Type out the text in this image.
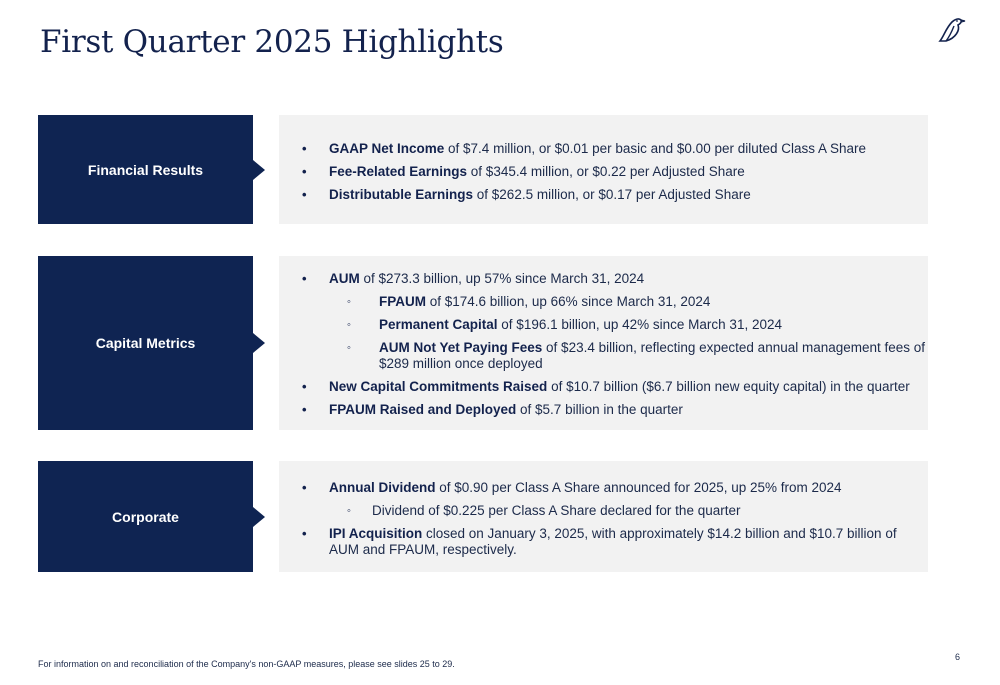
First Quarter 2025 Highlights
Financial Results
• GAAP Net Income of $7.4 million, or $0.01 per basic and $0.00 per diluted Class A Share
• Fee-Related Earnings of $345.4 million, or $0.22 per Adjusted Share
• Distributable Earnings of $262.5 million, or $0.17 per Adjusted Share
Capital Metrics
• AUM of $273.3 billion, up 57% since March 31, 2024
◦ FPAUM of $174.6 billion, up 66% since March 31, 2024
◦ Permanent Capital of $196.1 billion, up 42% since March 31, 2024
◦ AUM Not Yet Paying Fees of $23.4 billion, reflecting expected annual management fees of $289 million once deployed
• New Capital Commitments Raised of $10.7 billion ($6.7 billion new equity capital) in the quarter
• FPAUM Raised and Deployed of $5.7 billion in the quarter
Corporate
• Annual Dividend of $0.90 per Class A Share announced for 2025, up 25% from 2024
◦ Dividend of $0.225 per Class A Share declared for the quarter
• IPI Acquisition closed on January 3, 2025, with approximately $14.2 billion and $10.7 billion of AUM and FPAUM, respectively.
For information on and reconciliation of the Company's non-GAAP measures, please see slides 25 to 29.
6
